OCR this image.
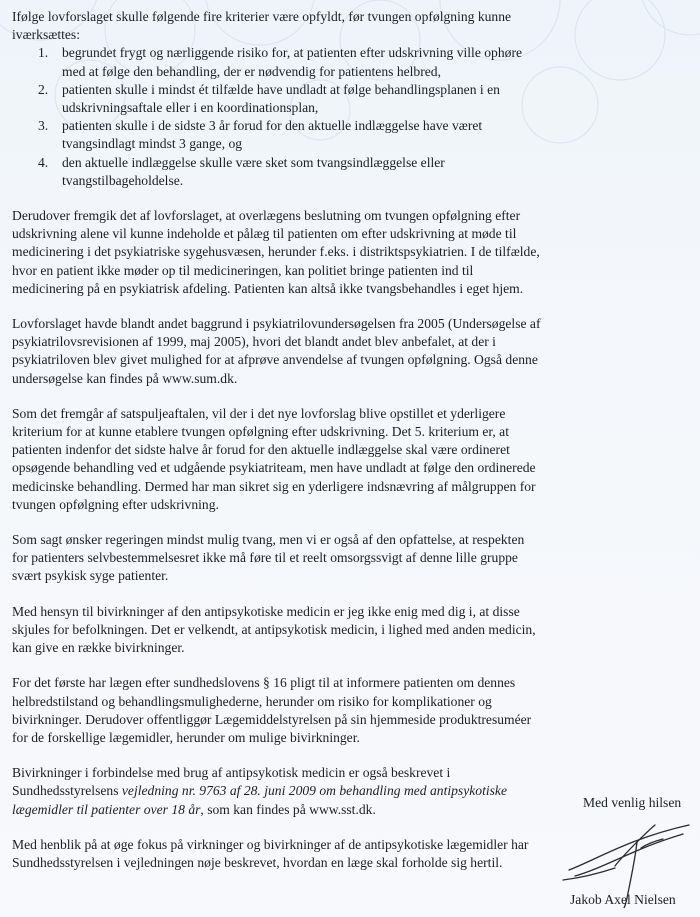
Ifølge lovforslaget skulle følgende fire kriterier være opfyldt, før tvungen opfølgning kunne iværksættes:

1. begrundet frygt og nærliggende risiko for, at patienten efter udskrivning ville ophøre med at følge den behandling, der er nødvendig for patientens helbred,
2. patienten skulle i mindst ét tilfælde have undladt at følge behandlingsplanen i en udskrivningsaftale eller i en koordinationsplan,
3. patienten skulle i de sidste 3 år forud for den aktuelle indlæggelse have været tvangsindlagt mindst 3 gange, og
4. den aktuelle indlæggelse skulle være sket som tvangsindlæggelse eller tvangstilbageholdelse.

Derudover fremgik det af lovforslaget, at overlægens beslutning om tvungen opfølgning efter udskrivning alene vil kunne indeholde et pålæg til patienten om efter udskrivning at møde til medicinering i det psykiatriske sygehusvæsen, herunder f.eks. i distriktspsykiatrien. I de tilfælde, hvor en patient ikke møder op til medicineringen, kan politiet bringe patienten ind til medicinering på en psykiatrisk afdeling. Patienten kan altså ikke tvangsbehandles i eget hjem.

Lovforslaget havde blandt andet baggrund i psykiatrilovundersøgelsen fra 2005 (Undersøgelse af psykiatrilovsrevisionen af 1999, maj 2005), hvori det blandt andet blev anbefalet, at der i psykiatriloven blev givet mulighed for at afprøve anvendelse af tvungen opfølgning. Også denne undersøgelse kan findes på www.sum.dk.

Som det fremgår af satspuljeaftalen, vil der i det nye lovforslag blive opstillet et yderligere kriterium for at kunne etablere tvungen opfølgning efter udskrivning. Det 5. kriterium er, at patienten indenfor det sidste halve år forud for den aktuelle indlæggelse skal være ordineret opsøgende behandling ved et udgående psykiatriteam, men have undladt at følge den ordinerede medicinske behandling. Dermed har man sikret sig en yderligere indsnævring af målgruppen for tvungen opfølgning efter udskrivning.

Som sagt ønsker regeringen mindst mulig tvang, men vi er også af den opfattelse, at respekten for patienters selvbestemmelsesret ikke må føre til et reelt omsorgssvigt af denne lille gruppe svært psykisk syge patienter.

Med hensyn til bivirkninger af den antipsykotiske medicin er jeg ikke enig med dig i, at disse skjules for befolkningen. Det er velkendt, at antipsykotisk medicin, i lighed med anden medicin, kan give en række bivirkninger.

For det første har lægen efter sundhedslovens § 16 pligt til at informere patienten om dennes helbredstilstand og behandlingsmulighederne, herunder om risiko for komplikationer og bivirkninger. Derudover offentliggør Lægemiddelstyrelsen på sin hjemmeside produktresuméer for de forskellige lægemidler, herunder om mulige bivirkninger.

Bivirkninger i forbindelse med brug af antipsykotisk medicin er også beskrevet i Sundhedsstyrelsens vejledning nr. 9763 af 28. juni 2009 om behandling med antipsykotiske lægemidler til patienter over 18 år, som kan findes på www.sst.dk.

Med henblik på at øge fokus på virkninger og bivirkninger af de antipsykotiske lægemidler har Sundhedsstyrelsen i vejledningen nøje beskrevet, hvordan en læge skal forholde sig hertil.

Med venlig hilsen
Jakob Axel Nielsen
